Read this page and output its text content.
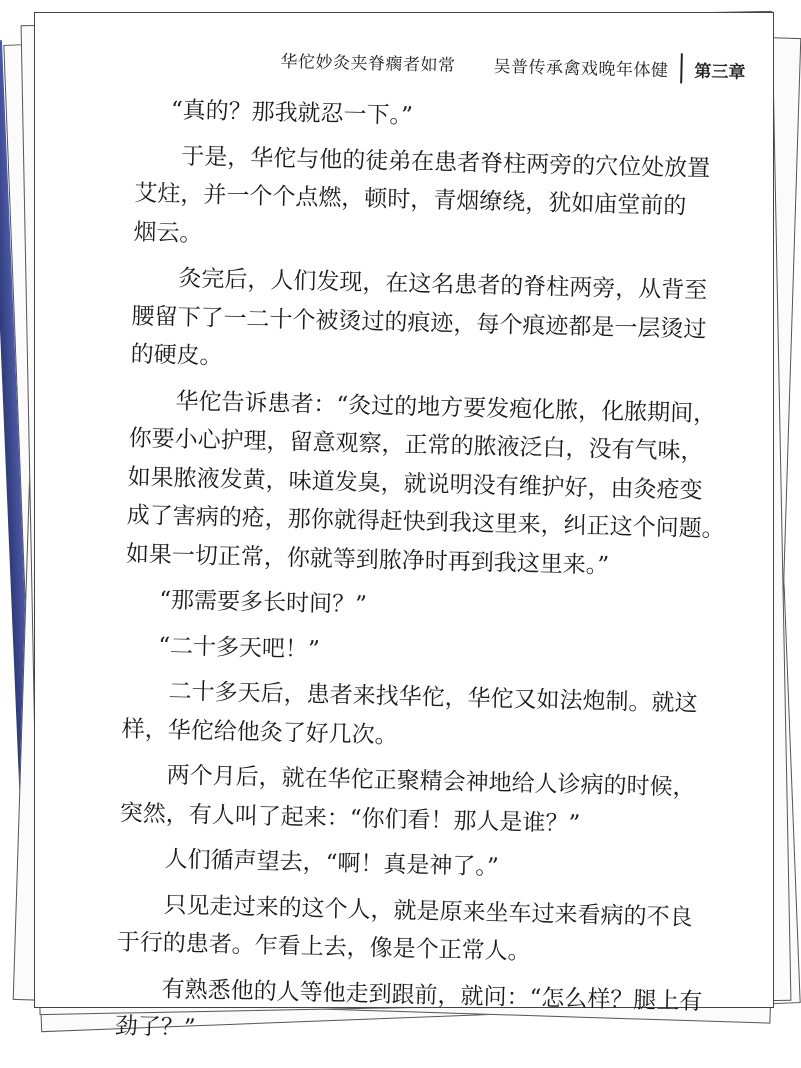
华佗妙灸夹脊瘸者如常 吴普传承禽戏晚年体健 第三章
“真的？那我就忍一下。”
于是，华佗与他的徒弟在患者脊柱两旁的穴位处放置
艾炷，并一个个点燃，顿时，青烟缭绕，犹如庙堂前的
烟云。
灸完后，人们发现，在这名患者的脊柱两旁，从背至
腰留下了一二十个被烫过的痕迹，每个痕迹都是一层烫过
的硬皮。
华佗告诉患者：“灸过的地方要发疱化脓，化脓期间，
你要小心护理，留意观察，正常的脓液泛白，没有气味，
如果脓液发黄，味道发臭，就说明没有维护好，由灸疮变
成了害病的疮，那你就得赶快到我这里来，纠正这个问题。
如果一切正常，你就等到脓净时再到我这里来。”
“那需要多长时间？”
“二十多天吧！”
二十多天后，患者来找华佗，华佗又如法炮制。就这
样，华佗给他灸了好几次。
两个月后，就在华佗正聚精会神地给人诊病的时候，
突然，有人叫了起来：“你们看！那人是谁？”
人们循声望去，“啊！真是神了。”
只见走过来的这个人，就是原来坐车过来看病的不良
于行的患者。乍看上去，像是个正常人。
有熟悉他的人等他走到跟前，就问：“怎么样？腿上有
劲了？”
